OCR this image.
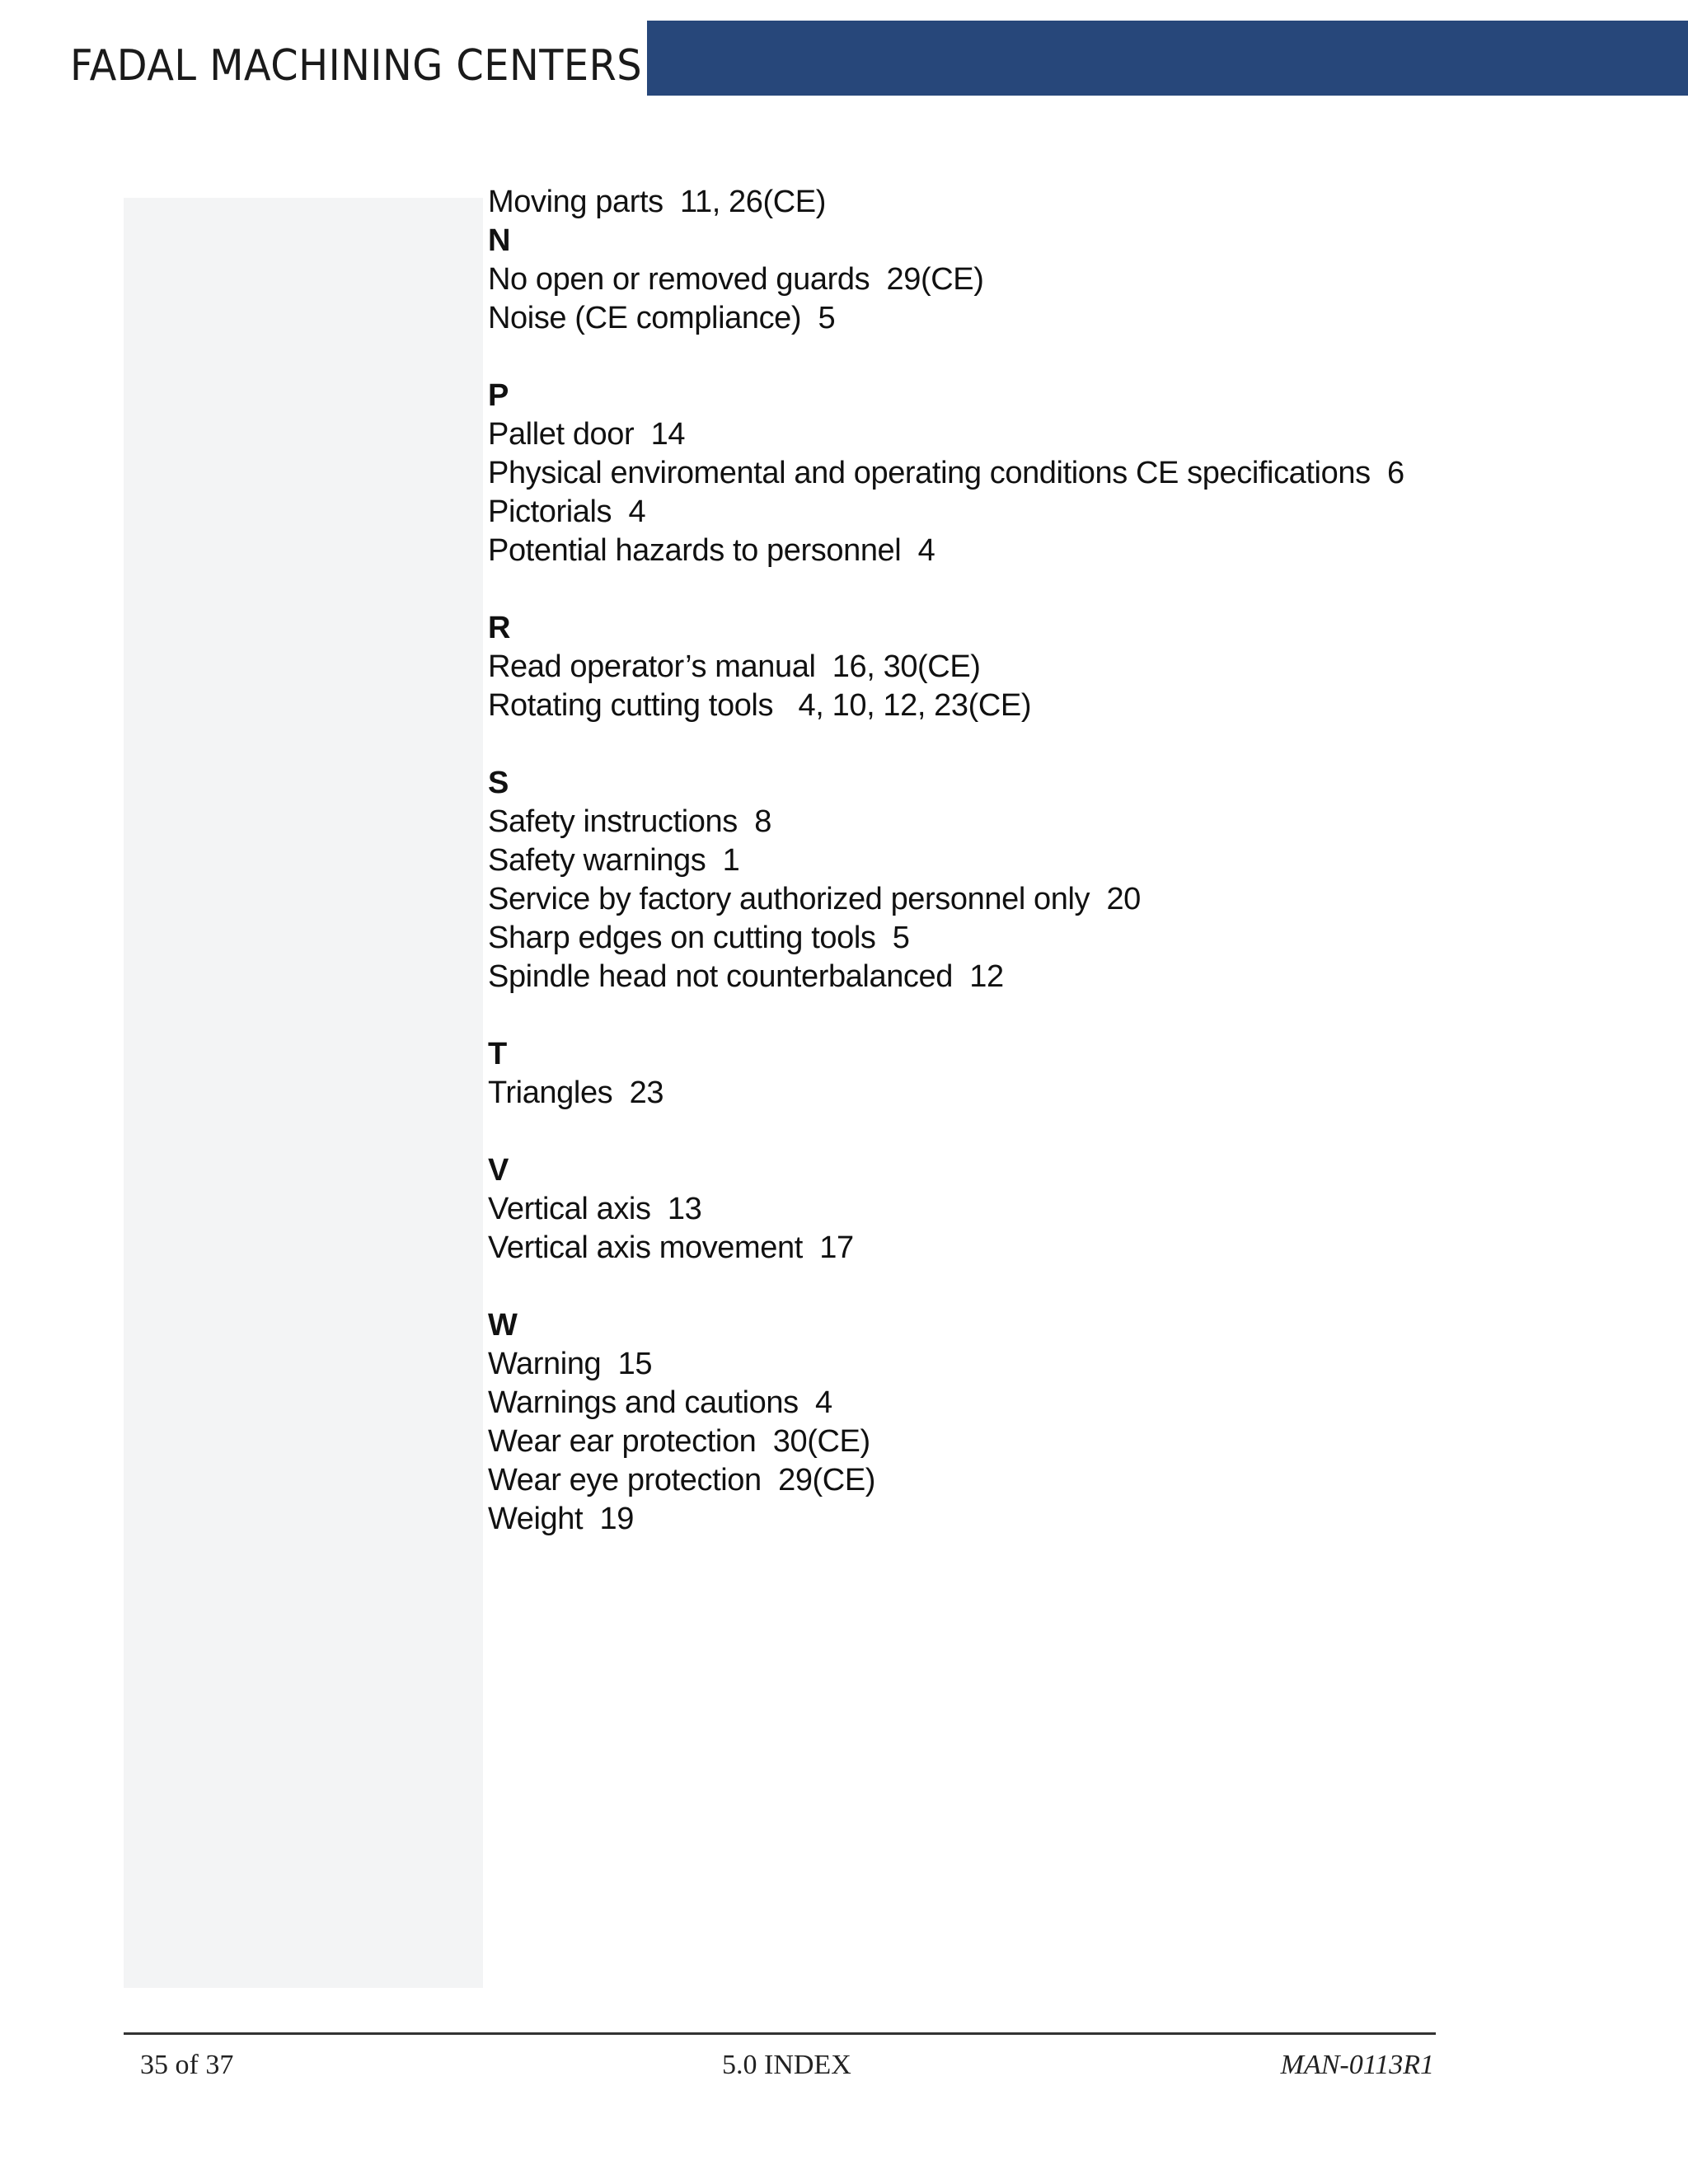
FADAL MACHINING CENTERS
Moving parts  11, 26(CE)
N
No open or removed guards  29(CE)
Noise (CE compliance)  5
P
Pallet door  14
Physical enviromental and operating conditions CE specifications  6
Pictorials  4
Potential hazards to personnel  4
R
Read operator’s manual  16, 30(CE)
Rotating cutting tools   4, 10, 12, 23(CE)
S
Safety instructions  8
Safety warnings  1
Service by factory authorized personnel only  20
Sharp edges on cutting tools  5
Spindle head not counterbalanced  12
T
Triangles  23
V
Vertical axis  13
Vertical axis movement  17
W
Warning  15
Warnings and cautions  4
Wear ear protection  30(CE)
Wear eye protection  29(CE)
Weight  19
35 of 37	5.0 INDEX	MAN-0113R1
